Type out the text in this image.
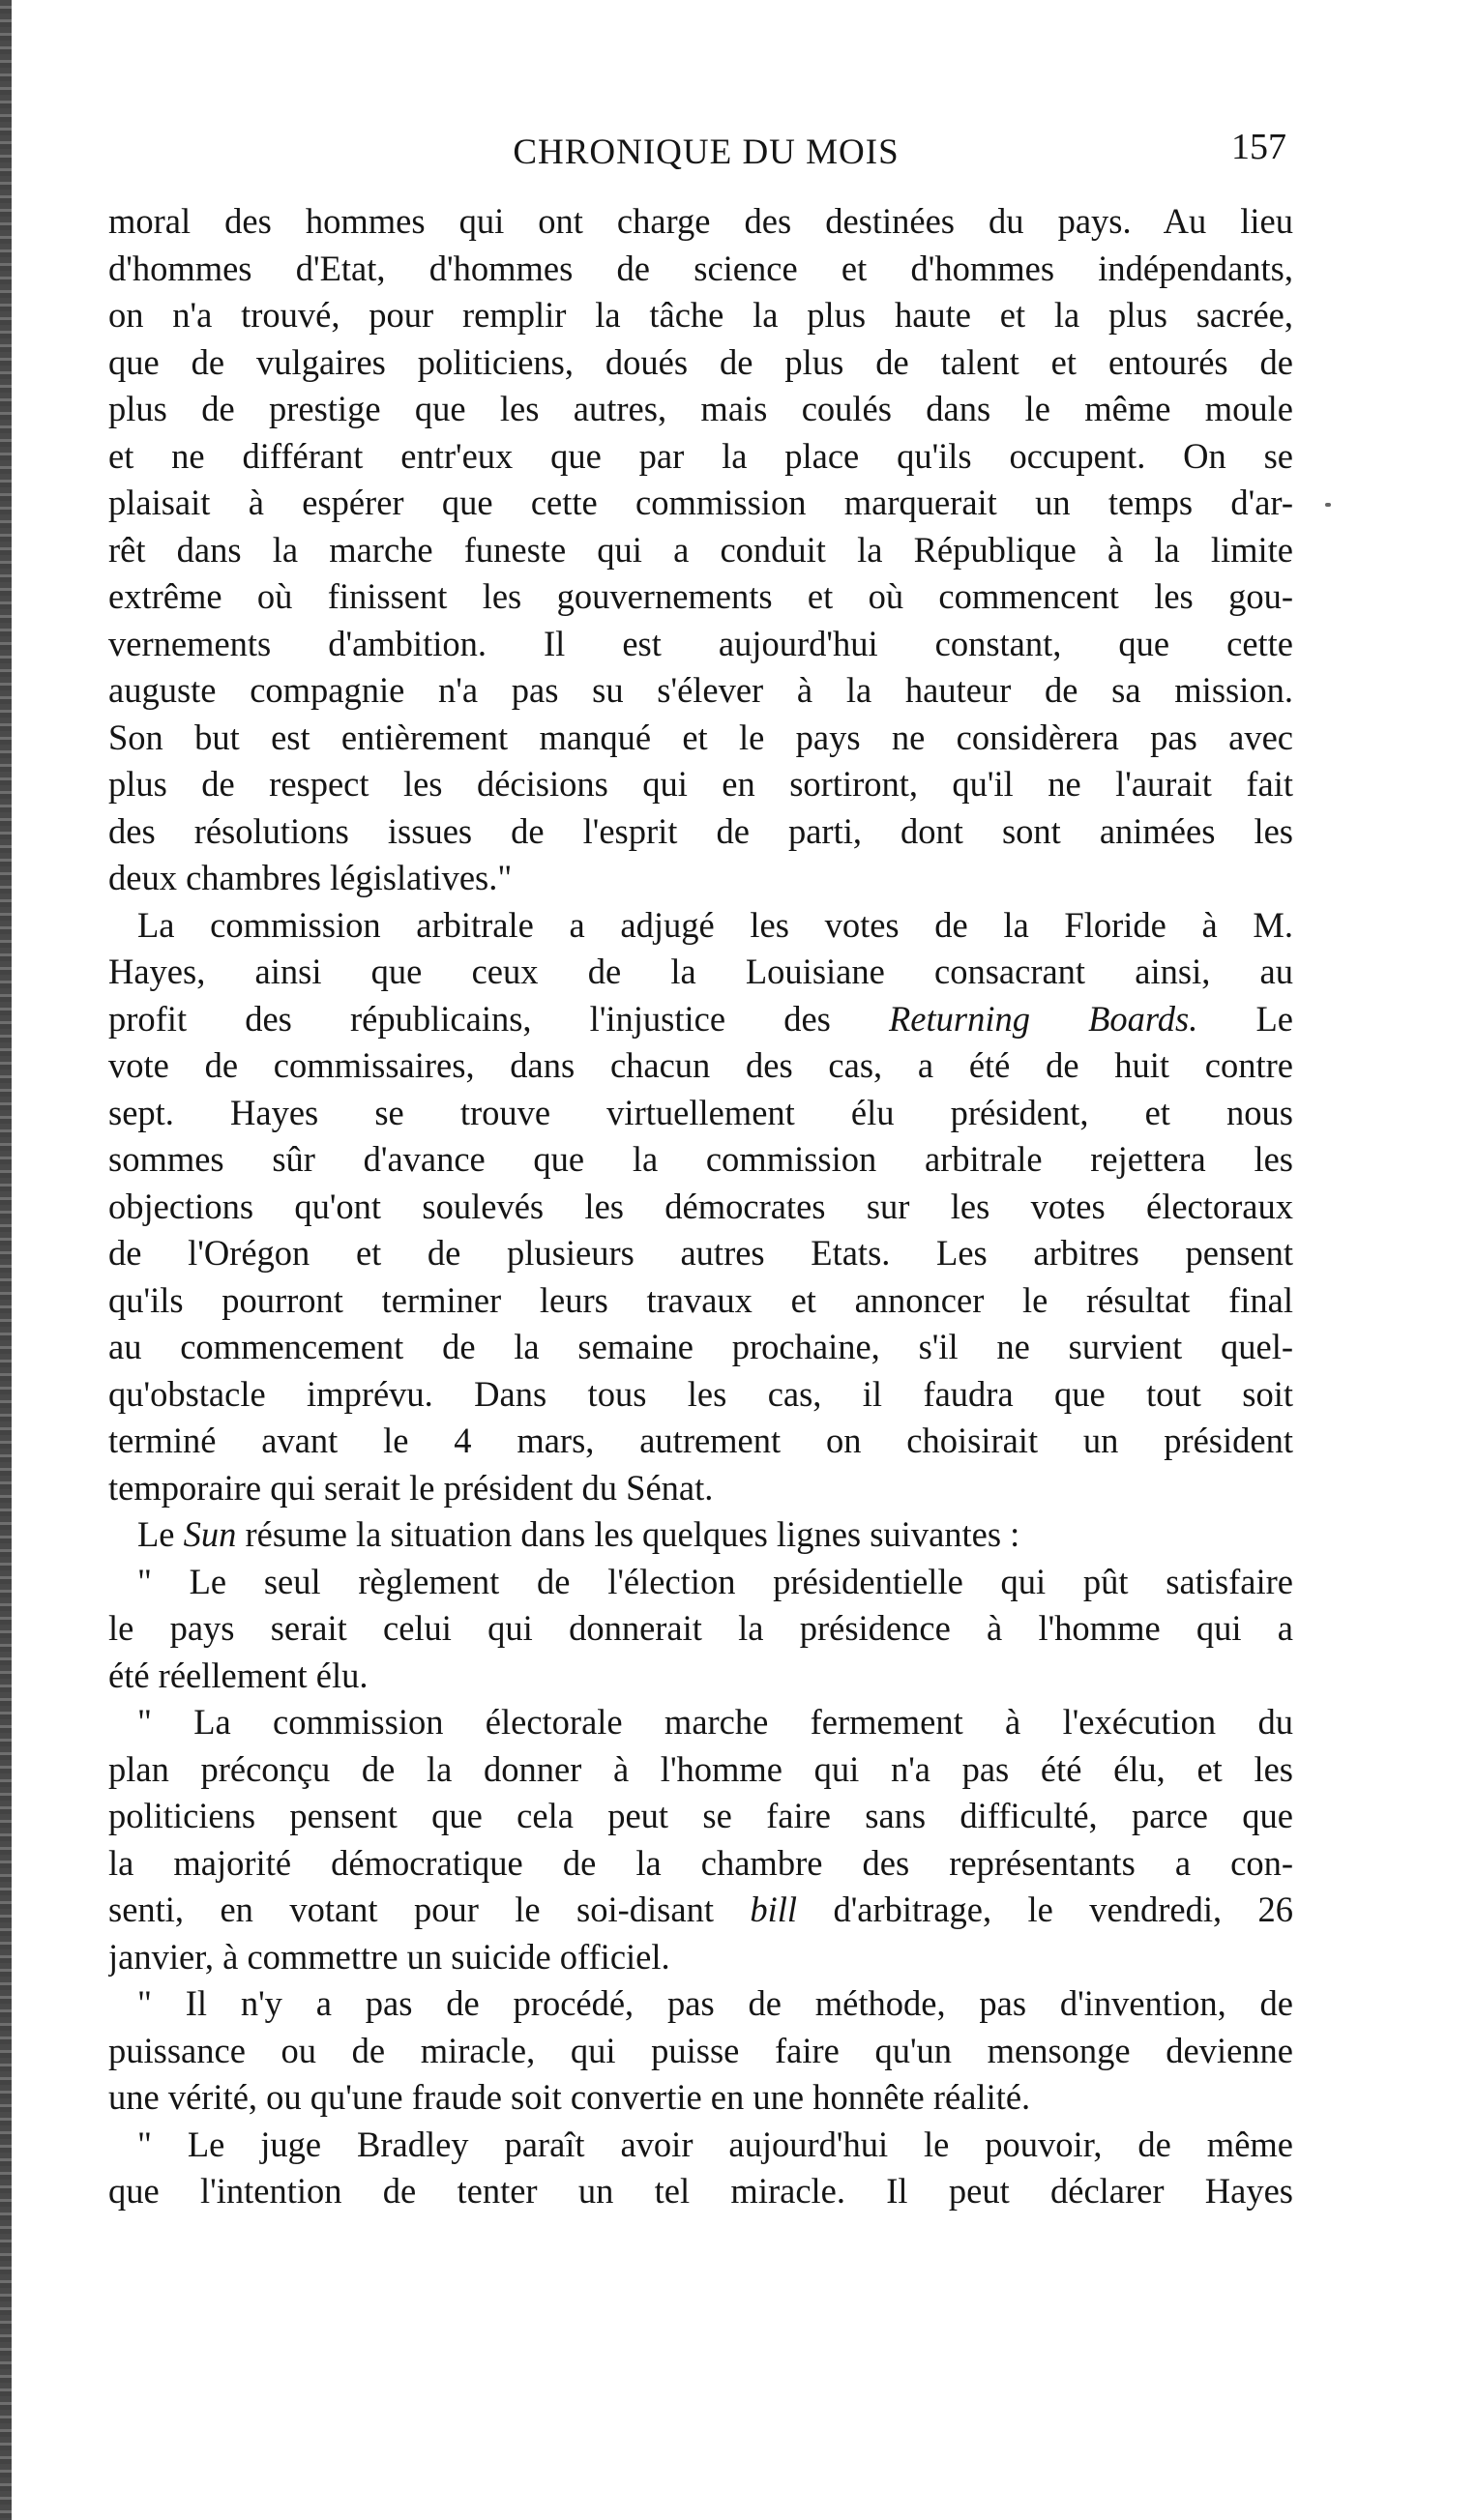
CHRONIQUE DU MOIS	157
moral des hommes qui ont charge des destinées du pays. Au lieu
d'hommes d'Etat, d'hommes de science et d'hommes indépendants,
on n'a trouvé, pour remplir la tâche la plus haute et la plus sacrée,
que de vulgaires politiciens, doués de plus de talent et entourés de
plus de prestige que les autres, mais coulés dans le même moule
et ne différant entr'eux que par la place qu'ils occupent. On se
plaisait à espérer que cette commission marquerait un temps d'ar-
rêt dans la marche funeste qui a conduit la République à la limite
extrême où finissent les gouvernements et où commencent les gou-
vernements d'ambition. Il est aujourd'hui constant, que cette
auguste compagnie n'a pas su s'élever à la hauteur de sa mission.
Son but est entièrement manqué et le pays ne considèrera pas avec
plus de respect les décisions qui en sortiront, qu'il ne l'aurait fait
des résolutions issues de l'esprit de parti, dont sont animées les
deux chambres législatives."
La commission arbitrale a adjugé les votes de la Floride à M.
Hayes, ainsi que ceux de la Louisiane consacrant ainsi, au
profit des républicains, l'injustice des Returning Boards. Le
vote de commissaires, dans chacun des cas, a été de huit contre
sept. Hayes se trouve virtuellement élu président, et nous
sommes sûr d'avance que la commission arbitrale rejettera les
objections qu'ont soulevés les démocrates sur les votes électoraux
de l'Orégon et de plusieurs autres Etats. Les arbitres pensent
qu'ils pourront terminer leurs travaux et annoncer le résultat final
au commencement de la semaine prochaine, s'il ne survient quel-
qu'obstacle imprévu. Dans tous les cas, il faudra que tout soit
terminé avant le 4 mars, autrement on choisirait un président
temporaire qui serait le président du Sénat.
Le Sun résume la situation dans les quelques lignes suivantes :
" Le seul règlement de l'élection présidentielle qui pût satisfaire
le pays serait celui qui donnerait la présidence à l'homme qui a
été réellement élu.
" La commission électorale marche fermement à l'exécution du
plan préconçu de la donner à l'homme qui n'a pas été élu, et les
politiciens pensent que cela peut se faire sans difficulté, parce que
la majorité démocratique de la chambre des représentants a con-
senti, en votant pour le soi-disant bill d'arbitrage, le vendredi, 26
janvier, à commettre un suicide officiel.
" Il n'y a pas de procédé, pas de méthode, pas d'invention, de
puissance ou de miracle, qui puisse faire qu'un mensonge devienne
une vérité, ou qu'une fraude soit convertie en une honnête réalité.
" Le juge Bradley paraît avoir aujourd'hui le pouvoir, de même
que l'intention de tenter un tel miracle. Il peut déclarer Hayes
